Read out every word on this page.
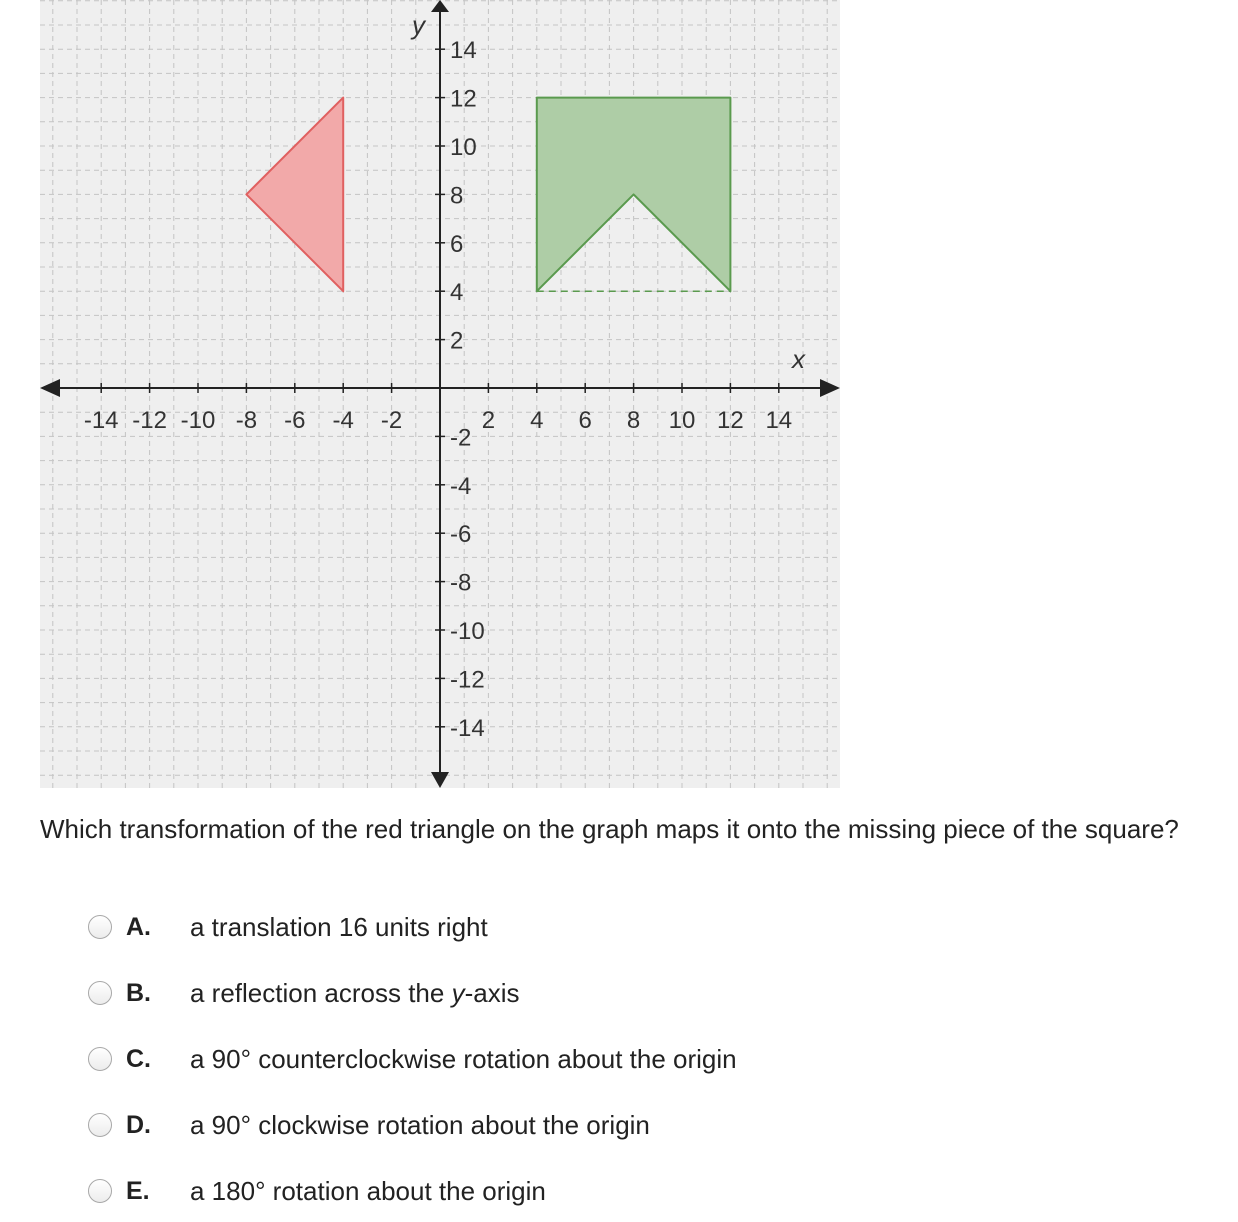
-14 -12 -10 -8 -6 -4 -2	2 4 6 8 10 12 14
14
12
10
8
6
4
2
-2
-4
-6
-8
-10
-12
-14
y
x
Which transformation of the red triangle on the graph maps it onto the missing piece of the square?
A.	a translation 16 units right
B.	a reflection across the y-axis
C.	a 90° counterclockwise rotation about the origin
D.	a 90° clockwise rotation about the origin
E.	a 180° rotation about the origin
